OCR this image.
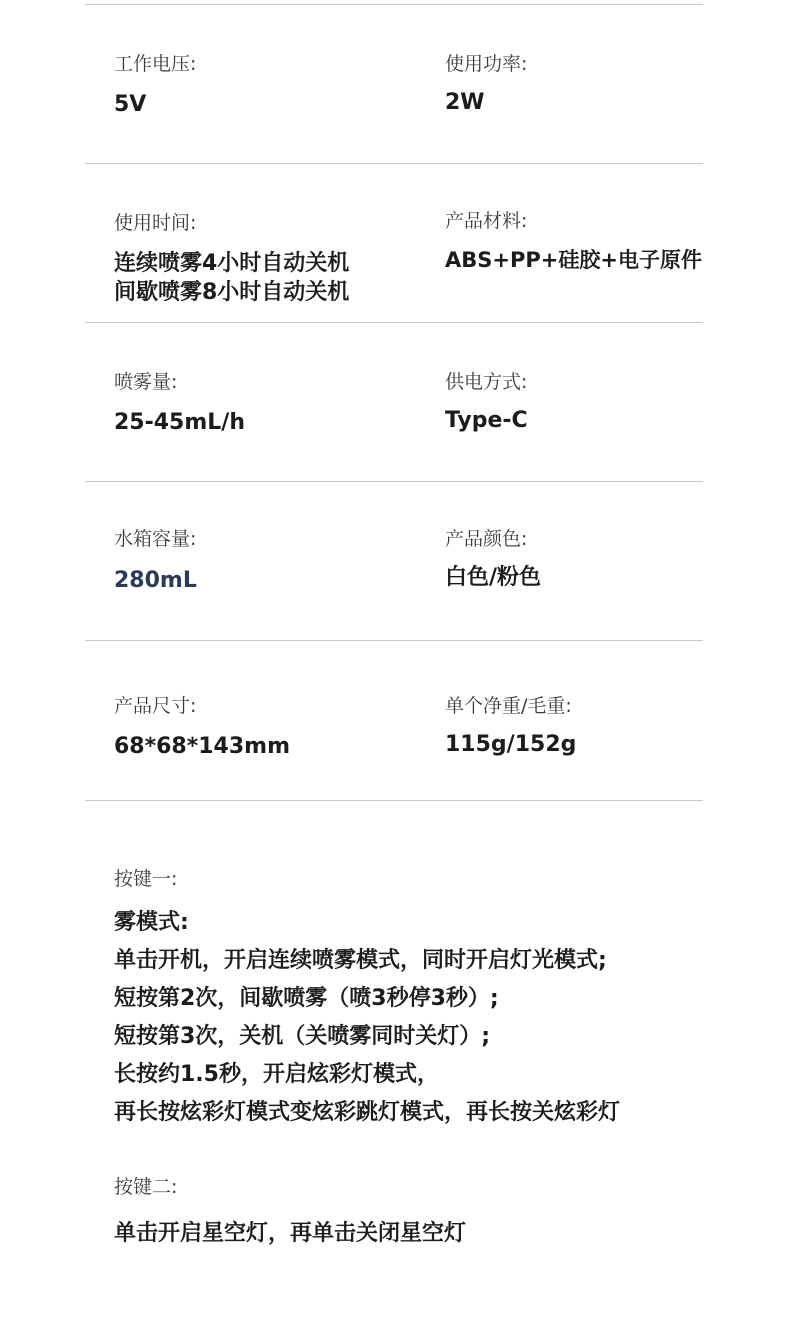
工作电压:
5V
使用功率:
2W
使用时间:
连续喷雾4小时自动关机
间歇喷雾8小时自动关机
产品材料:
ABS+PP+硅胶+电子原件
喷雾量:
25-45mL/h
供电方式:
Type-C
水箱容量:
280mL
产品颜色:
白色/粉色
产品尺寸:
68*68*143mm
单个净重/毛重:
115g/152g
按键一:
雾模式:
单击开机，开启连续喷雾模式，同时开启灯光模式;
短按第2次，间歇喷雾（喷3秒停3秒）;
短按第3次，关机（关喷雾同时关灯）;
长按约1.5秒，开启炫彩灯模式，
再长按炫彩灯模式变炫彩跳灯模式，再长按关炫彩灯
按键二:
单击开启星空灯，再单击关闭星空灯
